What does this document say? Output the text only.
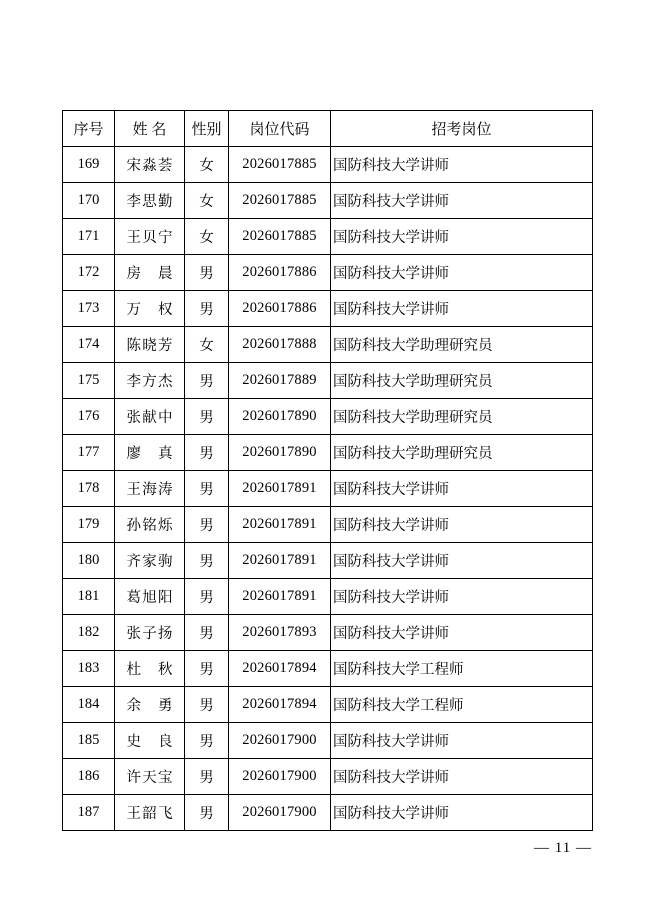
序号	姓 名	性别	岗位代码	招考岗位
169	宋淼荟	女	2026017885	国防科技大学讲师
170	李思勤	女	2026017885	国防科技大学讲师
171	王贝宁	女	2026017885	国防科技大学讲师
172	房 晨	男	2026017886	国防科技大学讲师
173	万 权	男	2026017886	国防科技大学讲师
174	陈晓芳	女	2026017888	国防科技大学助理研究员
175	李方杰	男	2026017889	国防科技大学助理研究员
176	张献中	男	2026017890	国防科技大学助理研究员
177	廖 真	男	2026017890	国防科技大学助理研究员
178	王海涛	男	2026017891	国防科技大学讲师
179	孙铭烁	男	2026017891	国防科技大学讲师
180	齐家驹	男	2026017891	国防科技大学讲师
181	葛旭阳	男	2026017891	国防科技大学讲师
182	张子扬	男	2026017893	国防科技大学讲师
183	杜 秋	男	2026017894	国防科技大学工程师
184	余 勇	男	2026017894	国防科技大学工程师
185	史 良	男	2026017900	国防科技大学讲师
186	许天宝	男	2026017900	国防科技大学讲师
187	王韶飞	男	2026017900	国防科技大学讲师
— 11 —
